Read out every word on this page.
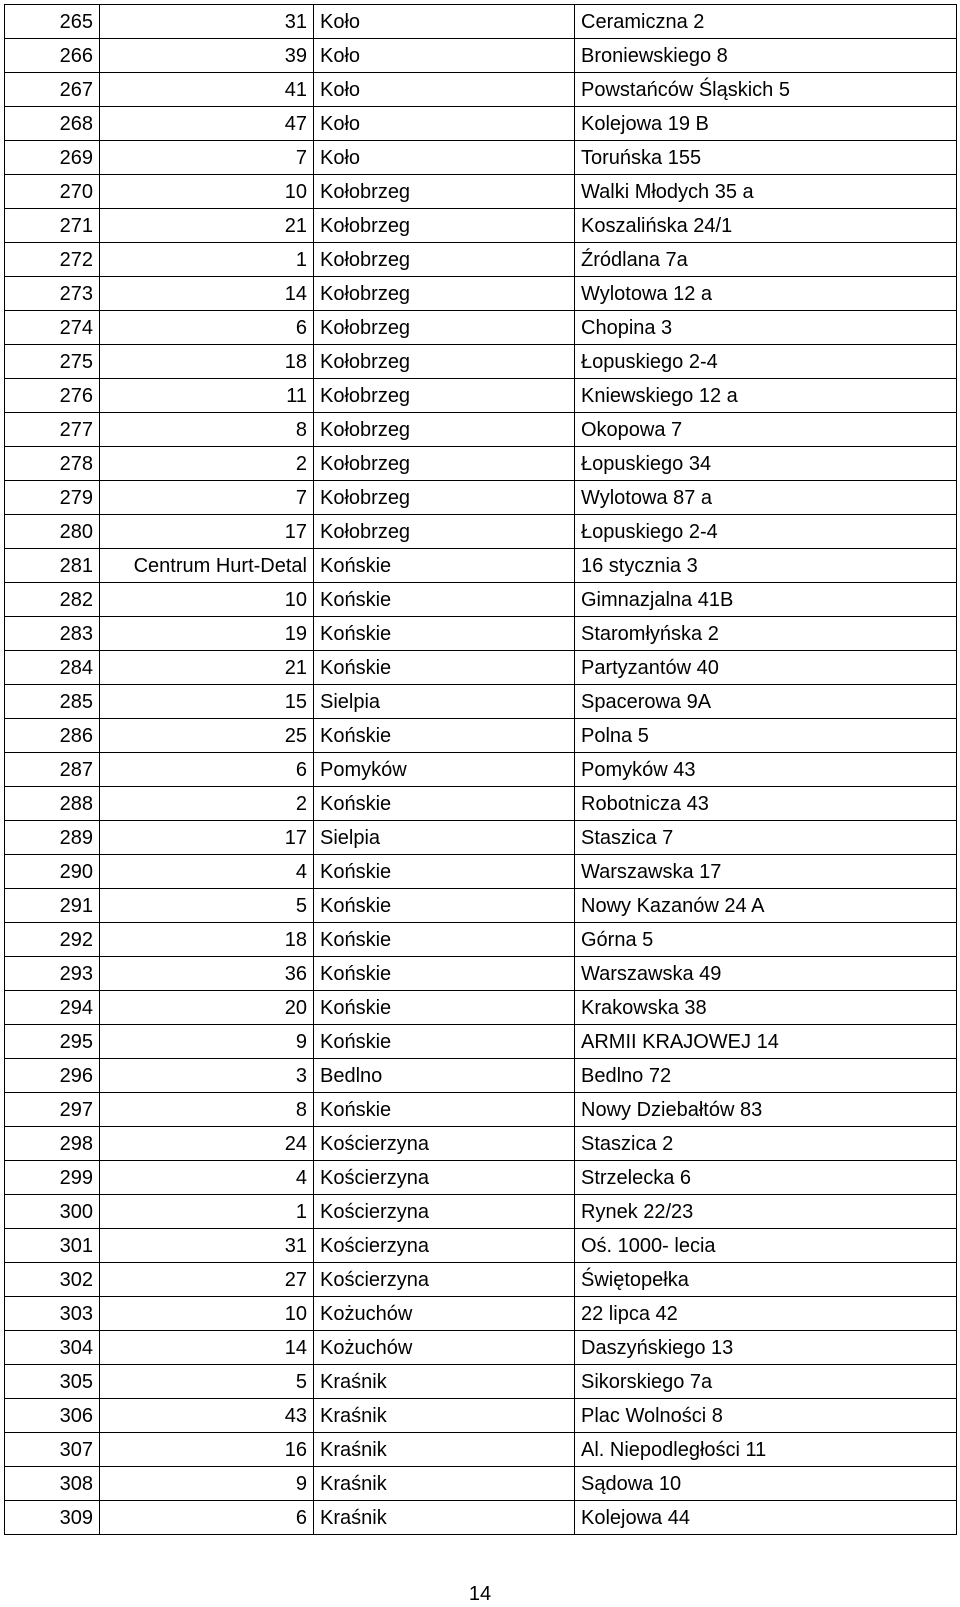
265	31	Koło	Ceramiczna 2
266	39	Koło	Broniewskiego 8
267	41	Koło	Powstańców Śląskich 5
268	47	Koło	Kolejowa 19 B
269	7	Koło	Toruńska 155
270	10	Kołobrzeg	Walki Młodych 35 a
271	21	Kołobrzeg	Koszalińska 24/1
272	1	Kołobrzeg	Źródlana 7a
273	14	Kołobrzeg	Wylotowa 12 a
274	6	Kołobrzeg	Chopina 3
275	18	Kołobrzeg	Łopuskiego 2-4
276	11	Kołobrzeg	Kniewskiego 12 a
277	8	Kołobrzeg	Okopowa 7
278	2	Kołobrzeg	Łopuskiego 34
279	7	Kołobrzeg	Wylotowa 87 a
280	17	Kołobrzeg	Łopuskiego 2-4
281	Centrum Hurt-Detal	Końskie	16 stycznia 3
282	10	Końskie	Gimnazjalna 41B
283	19	Końskie	Staromłyńska 2
284	21	Końskie	Partyzantów 40
285	15	Sielpia	Spacerowa 9A
286	25	Końskie	Polna 5
287	6	Pomyków	Pomyków 43
288	2	Końskie	Robotnicza 43
289	17	Sielpia	Staszica 7
290	4	Końskie	Warszawska 17
291	5	Końskie	Nowy Kazanów 24 A
292	18	Końskie	Górna 5
293	36	Końskie	Warszawska 49
294	20	Końskie	Krakowska 38
295	9	Końskie	ARMII KRAJOWEJ 14
296	3	Bedlno	Bedlno 72
297	8	Końskie	Nowy Dziebałtów 83
298	24	Kościerzyna	Staszica 2
299	4	Kościerzyna	Strzelecka 6
300	1	Kościerzyna	Rynek 22/23
301	31	Kościerzyna	Oś. 1000- lecia
302	27	Kościerzyna	Świętopełka
303	10	Kożuchów	22 lipca 42
304	14	Kożuchów	Daszyńskiego 13
305	5	Kraśnik	Sikorskiego 7a
306	43	Kraśnik	Plac Wolności 8
307	16	Kraśnik	Al. Niepodległości 11
308	9	Kraśnik	Sądowa 10
309	6	Kraśnik	Kolejowa 44
14
